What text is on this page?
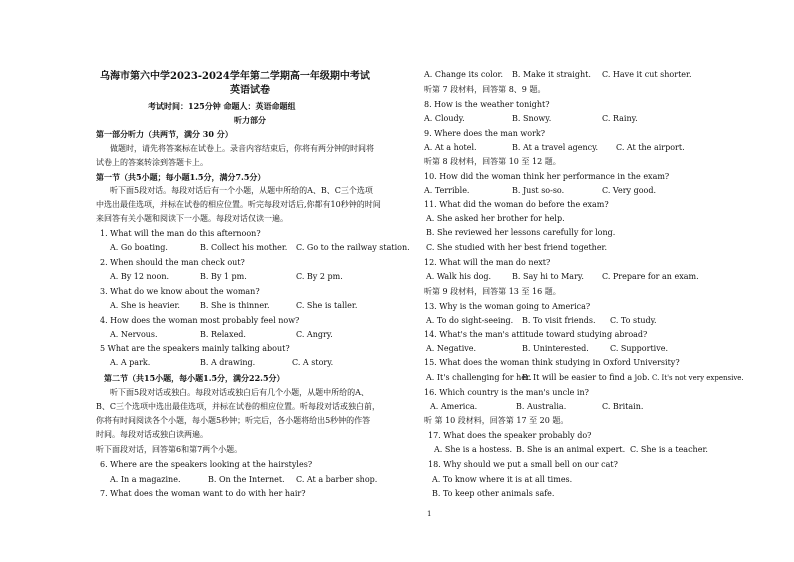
乌海市第六中学2023-2024学年第二学期高一年级期中考试
英语试卷
考试时间：125分钟 命题人：英语命题组
听力部分
第一部分听力（共两节，满分 30 分）
做题时，请先将答案标在试卷上。录音内容结束后，你将有两分钟的时间将
试卷上的答案转涂到答题卡上。
第一节（共5小题；每小题1.5分，满分7.5分）
听下面5段对话。每段对话后有一个小题，从题中所给的A、B、C三个选项
中选出最佳选项，并标在试卷的相应位置。听完每段对话后,你都有10秒钟的时间
来回答有关小题和阅读下一小题。每段对话仅读一遍。
1. What will the man do this afternoon?
A. Go boating.	B. Collect his mother. C. Go to the railway station.
2. When should the man check out?
A. By 12 noon.	B. By 1 pm.	C. By 2 pm.
3. What do we know about the woman?
A. She is heavier.	B. She is thinner.	C. She is taller.
4. How does the woman most probably feel now?
A. Nervous.	B. Relaxed.	C. Angry.
5 What are the speakers mainly talking about?
A. A park.	B. A drawing.	C. A story.
第二节（共15小题，每小题1.5分，满分22.5分）
听下面5段对话或独白。每段对话或独白后有几个小题，从题中所给的A、
B、C三个选项中选出最佳选项，并标在试卷的相应位置。听每段对话或独白前，
你将有时间阅读各个小题，每小题5秒钟；听完后，各小题将给出5秒钟的作答
时间。每段对话或独白读两遍。
听下面段对话，回答第6和第7两个小题。
6. Where are the speakers looking at the hairstyles?
A. In a magazine.	B. On the Internet. C. At a barber shop.
7. What does the woman want to do with her hair?
A. Change its color. B. Make it straight. C. Have it cut shorter.
听第 7 段材料，回答第 8、9 题。
8. How is the weather tonight?
A. Cloudy.	B. Snowy.	C. Rainy.
9. Where does the man work?
A. At a hotel.	B. At a travel agency. C. At the airport.
听第 8 段材料，回答第 10 至 12 题。
10. How did the woman think her performance in the exam?
A. Terrible.	B. Just so-so.	C. Very good.
11. What did the woman do before the exam?
A. She asked her brother for help.
B. She reviewed her lessons carefully for long.
C. She studied with her best friend together.
12. What will the man do next?
A. Walk his dog.	B. Say hi to Mary. C. Prepare for an exam.
听第 9 段材料，回答第 13 至 16 题。
13. Why is the woman going to America?
A. To do sight-seeing. B. To visit friends. C. To study.
14. What's the man's attitude toward studying abroad?
A. Negative.	B. Uninterested.	C. Supportive.
15. What does the woman think studying in Oxford University?
A. It's challenging for her.
B. It will be easier to find a job. C. It's not very expensive.
16. Which country is the man's uncle in?
A. America.	B. Australia.	C. Britain.
听 第 10 段材料，回答第 17 至 20 题。
17. What does the speaker probably do?
A. She is a hostess. B. She is an animal expert. C. She is a teacher.
18. Why should we put a small bell on our cat?
A. To know where it is at all times.
B. To keep other animals safe.
1
